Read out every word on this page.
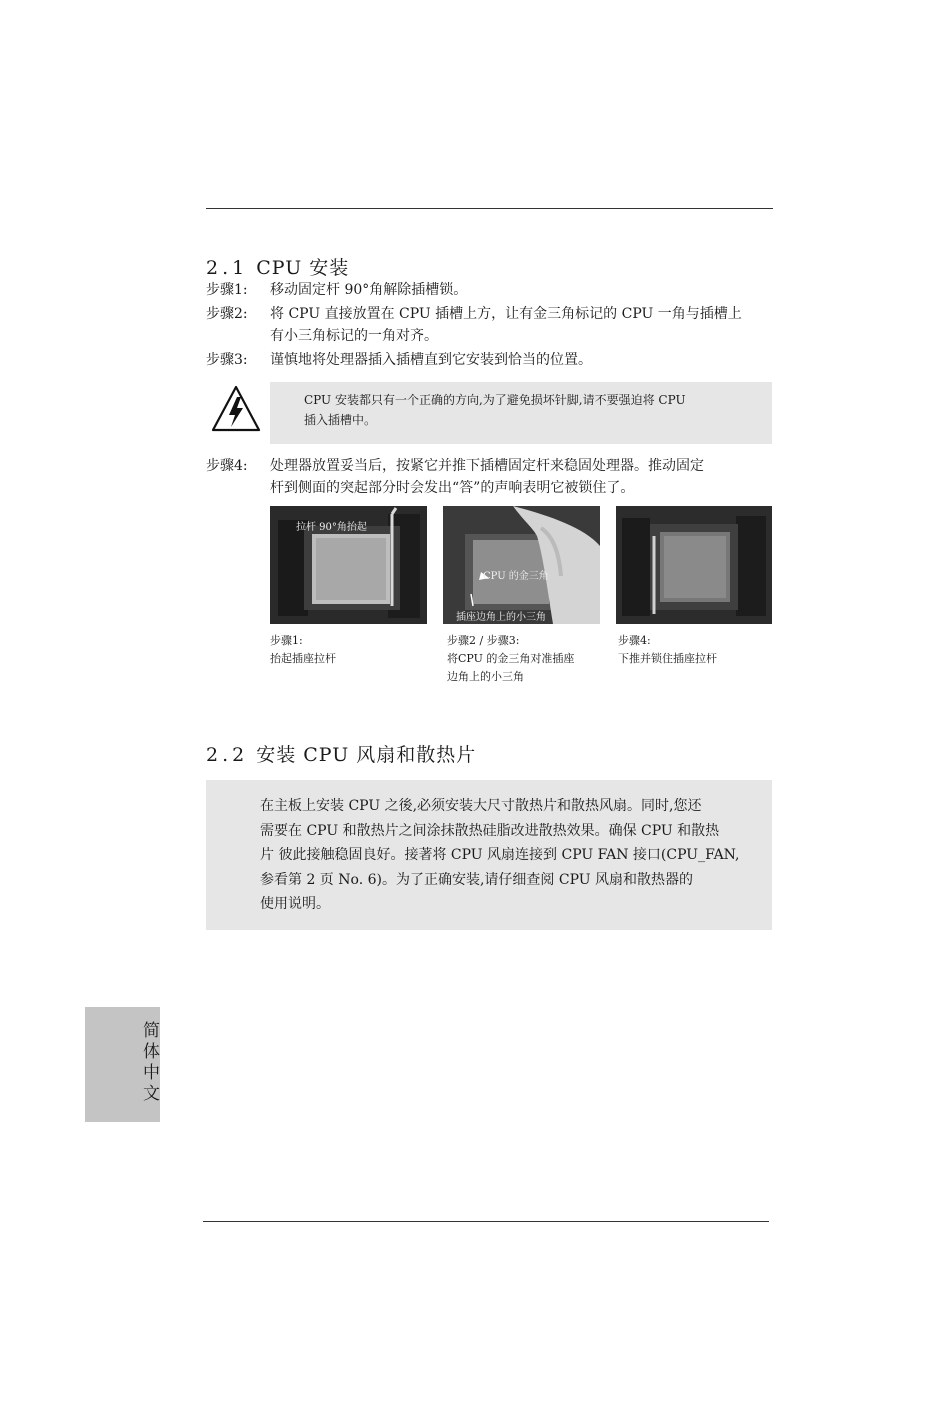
2.1 CPU 安装
步骤1:	移动固定杆 90°角解除插槽锁。
步骤2:	将 CPU 直接放置在 CPU 插槽上方，让有金三角标记的 CPU 一角与插槽上
有小三角标记的一角对齐。
步骤3:	谨慎地将处理器插入插槽直到它安装到恰当的位置。
CPU 安装都只有一个正确的方向,为了避免损坏针脚,请不要强迫将 CPU
插入插槽中。
步骤4:	处理器放置妥当后，按紧它并推下插槽固定杆来稳固处理器。推动固定
杆到侧面的突起部分时会发出“答”的声响表明它被锁住了。
拉杆 90°角抬起
CPU 的金三角
插座边角上的小三角
步骤1:
抬起插座拉杆
步骤2 / 步骤3:
将CPU 的金三角对准插座
边角上的小三角
步骤4:
下推并锁住插座拉杆
2.2 安装 CPU 风扇和散热片
在主板上安装 CPU 之後,必须安装大尺寸散热片和散热风扇。同时,您还
需要在 CPU 和散热片之间涂抹散热硅脂改进散热效果。确保 CPU 和散热
片 彼此接触稳固良好。接著将 CPU 风扇连接到 CPU FAN 接口(CPU_FAN,
参看第 2 页 No. 6)。为了正确安装,请仔细查阅 CPU 风扇和散热器的
使用说明。
简体中文
